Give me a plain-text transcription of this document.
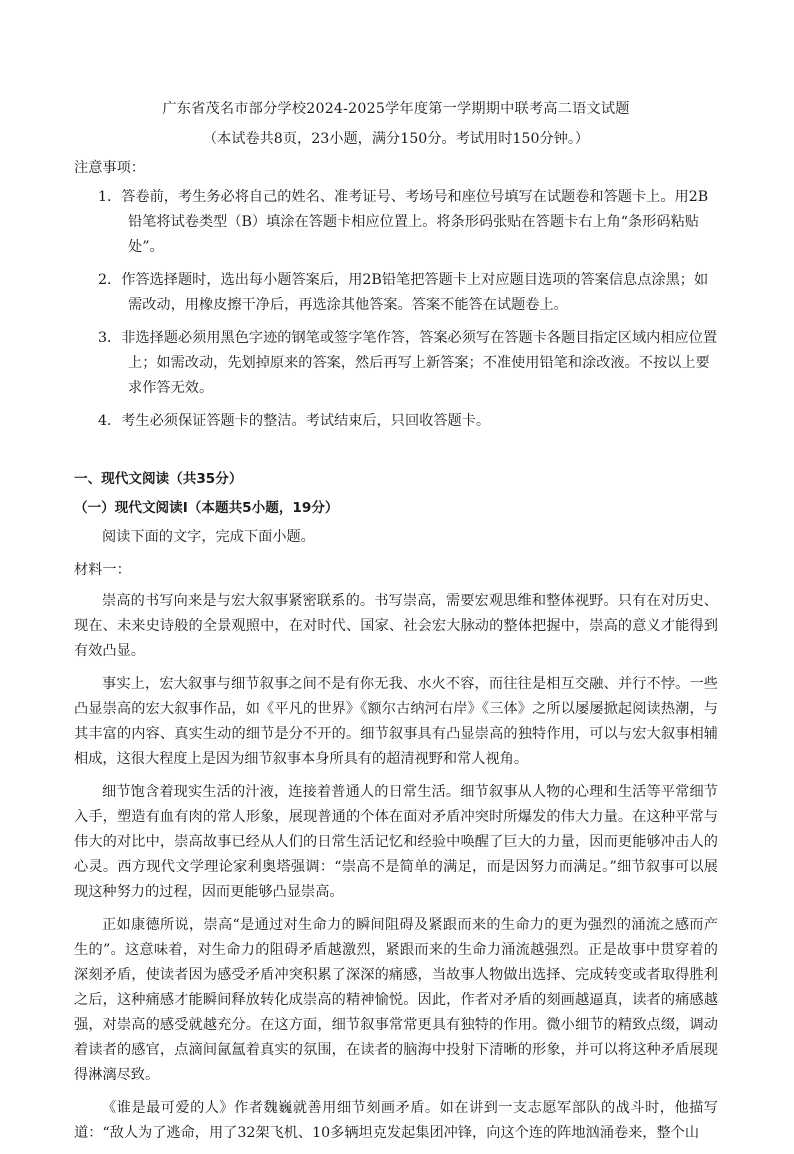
广东省茂名市部分学校2024-2025学年度第一学期期中联考高二语文试题
（本试卷共8页，23小题，满分150分。考试用时150分钟。）
注意事项：
1．答卷前，考生务必将自己的姓名、准考证号、考场号和座位号填写在试题卷和答题卡上。用2B铅笔将试卷类型（B）填涂在答题卡相应位置上。将条形码张贴在答题卡右上角“条形码粘贴处”。
2．作答选择题时，选出每小题答案后，用2B铅笔把答题卡上对应题目选项的答案信息点涂黑；如需改动，用橡皮擦干净后，再选涂其他答案。答案不能答在试题卷上。
3．非选择题必须用黑色字迹的钢笔或签字笔作答，答案必须写在答题卡各题目指定区域内相应位置上；如需改动，先划掉原来的答案，然后再写上新答案；不准使用铅笔和涂改液。不按以上要求作答无效。
4．考生必须保证答题卡的整洁。考试结束后，只回收答题卡。
一、现代文阅读（共35分）
（一）现代文阅读Ⅰ（本题共5小题，19分）
阅读下面的文字，完成下面小题。
材料一：
崇高的书写向来是与宏大叙事紧密联系的。书写崇高，需要宏观思维和整体视野。只有在对历史、现在、未来史诗般的全景观照中，在对时代、国家、社会宏大脉动的整体把握中，崇高的意义才能得到有效凸显。
事实上，宏大叙事与细节叙事之间不是有你无我、水火不容，而往往是相互交融、并行不悖。一些凸显崇高的宏大叙事作品，如《平凡的世界》《额尔古纳河右岸》《三体》之所以屡屡掀起阅读热潮，与其丰富的内容、真实生动的细节是分不开的。细节叙事具有凸显崇高的独特作用，可以与宏大叙事相辅相成，这很大程度上是因为细节叙事本身所具有的超清视野和常人视角。
细节饱含着现实生活的汁液，连接着普通人的日常生活。细节叙事从人物的心理和生活等平常细节入手，塑造有血有肉的常人形象，展现普通的个体在面对矛盾冲突时所爆发的伟大力量。在这种平常与伟大的对比中，崇高故事已经从人们的日常生活记忆和经验中唤醒了巨大的力量，因而更能够冲击人的心灵。西方现代文学理论家利奥塔强调：“崇高不是简单的满足，而是因努力而满足。”细节叙事可以展现这种努力的过程，因而更能够凸显崇高。
正如康德所说，崇高“是通过对生命力的瞬间阻碍及紧跟而来的生命力的更为强烈的涌流之感而产生的”。这意味着，对生命力的阻碍矛盾越激烈，紧跟而来的生命力涌流越强烈。正是故事中贯穿着的深刻矛盾，使读者因为感受矛盾冲突积累了深深的痛感，当故事人物做出选择、完成转变或者取得胜利之后，这种痛感才能瞬间释放转化成崇高的精神愉悦。因此，作者对矛盾的刻画越逼真，读者的痛感越强，对崇高的感受就越充分。在这方面，细节叙事常常更具有独特的作用。微小细节的精致点缀，调动着读者的感官，点滴间氤氲着真实的氛围，在读者的脑海中投射下清晰的形象，并可以将这种矛盾展现得淋漓尽致。
《谁是最可爱的人》作者魏巍就善用细节刻画矛盾。如在讲到一支志愿军部队的战斗时，他描写道：“敌人为了逃命，用了32架飞机、10多辆坦克发起集团冲锋，向这个连的阵地汹涌卷来，整个山
